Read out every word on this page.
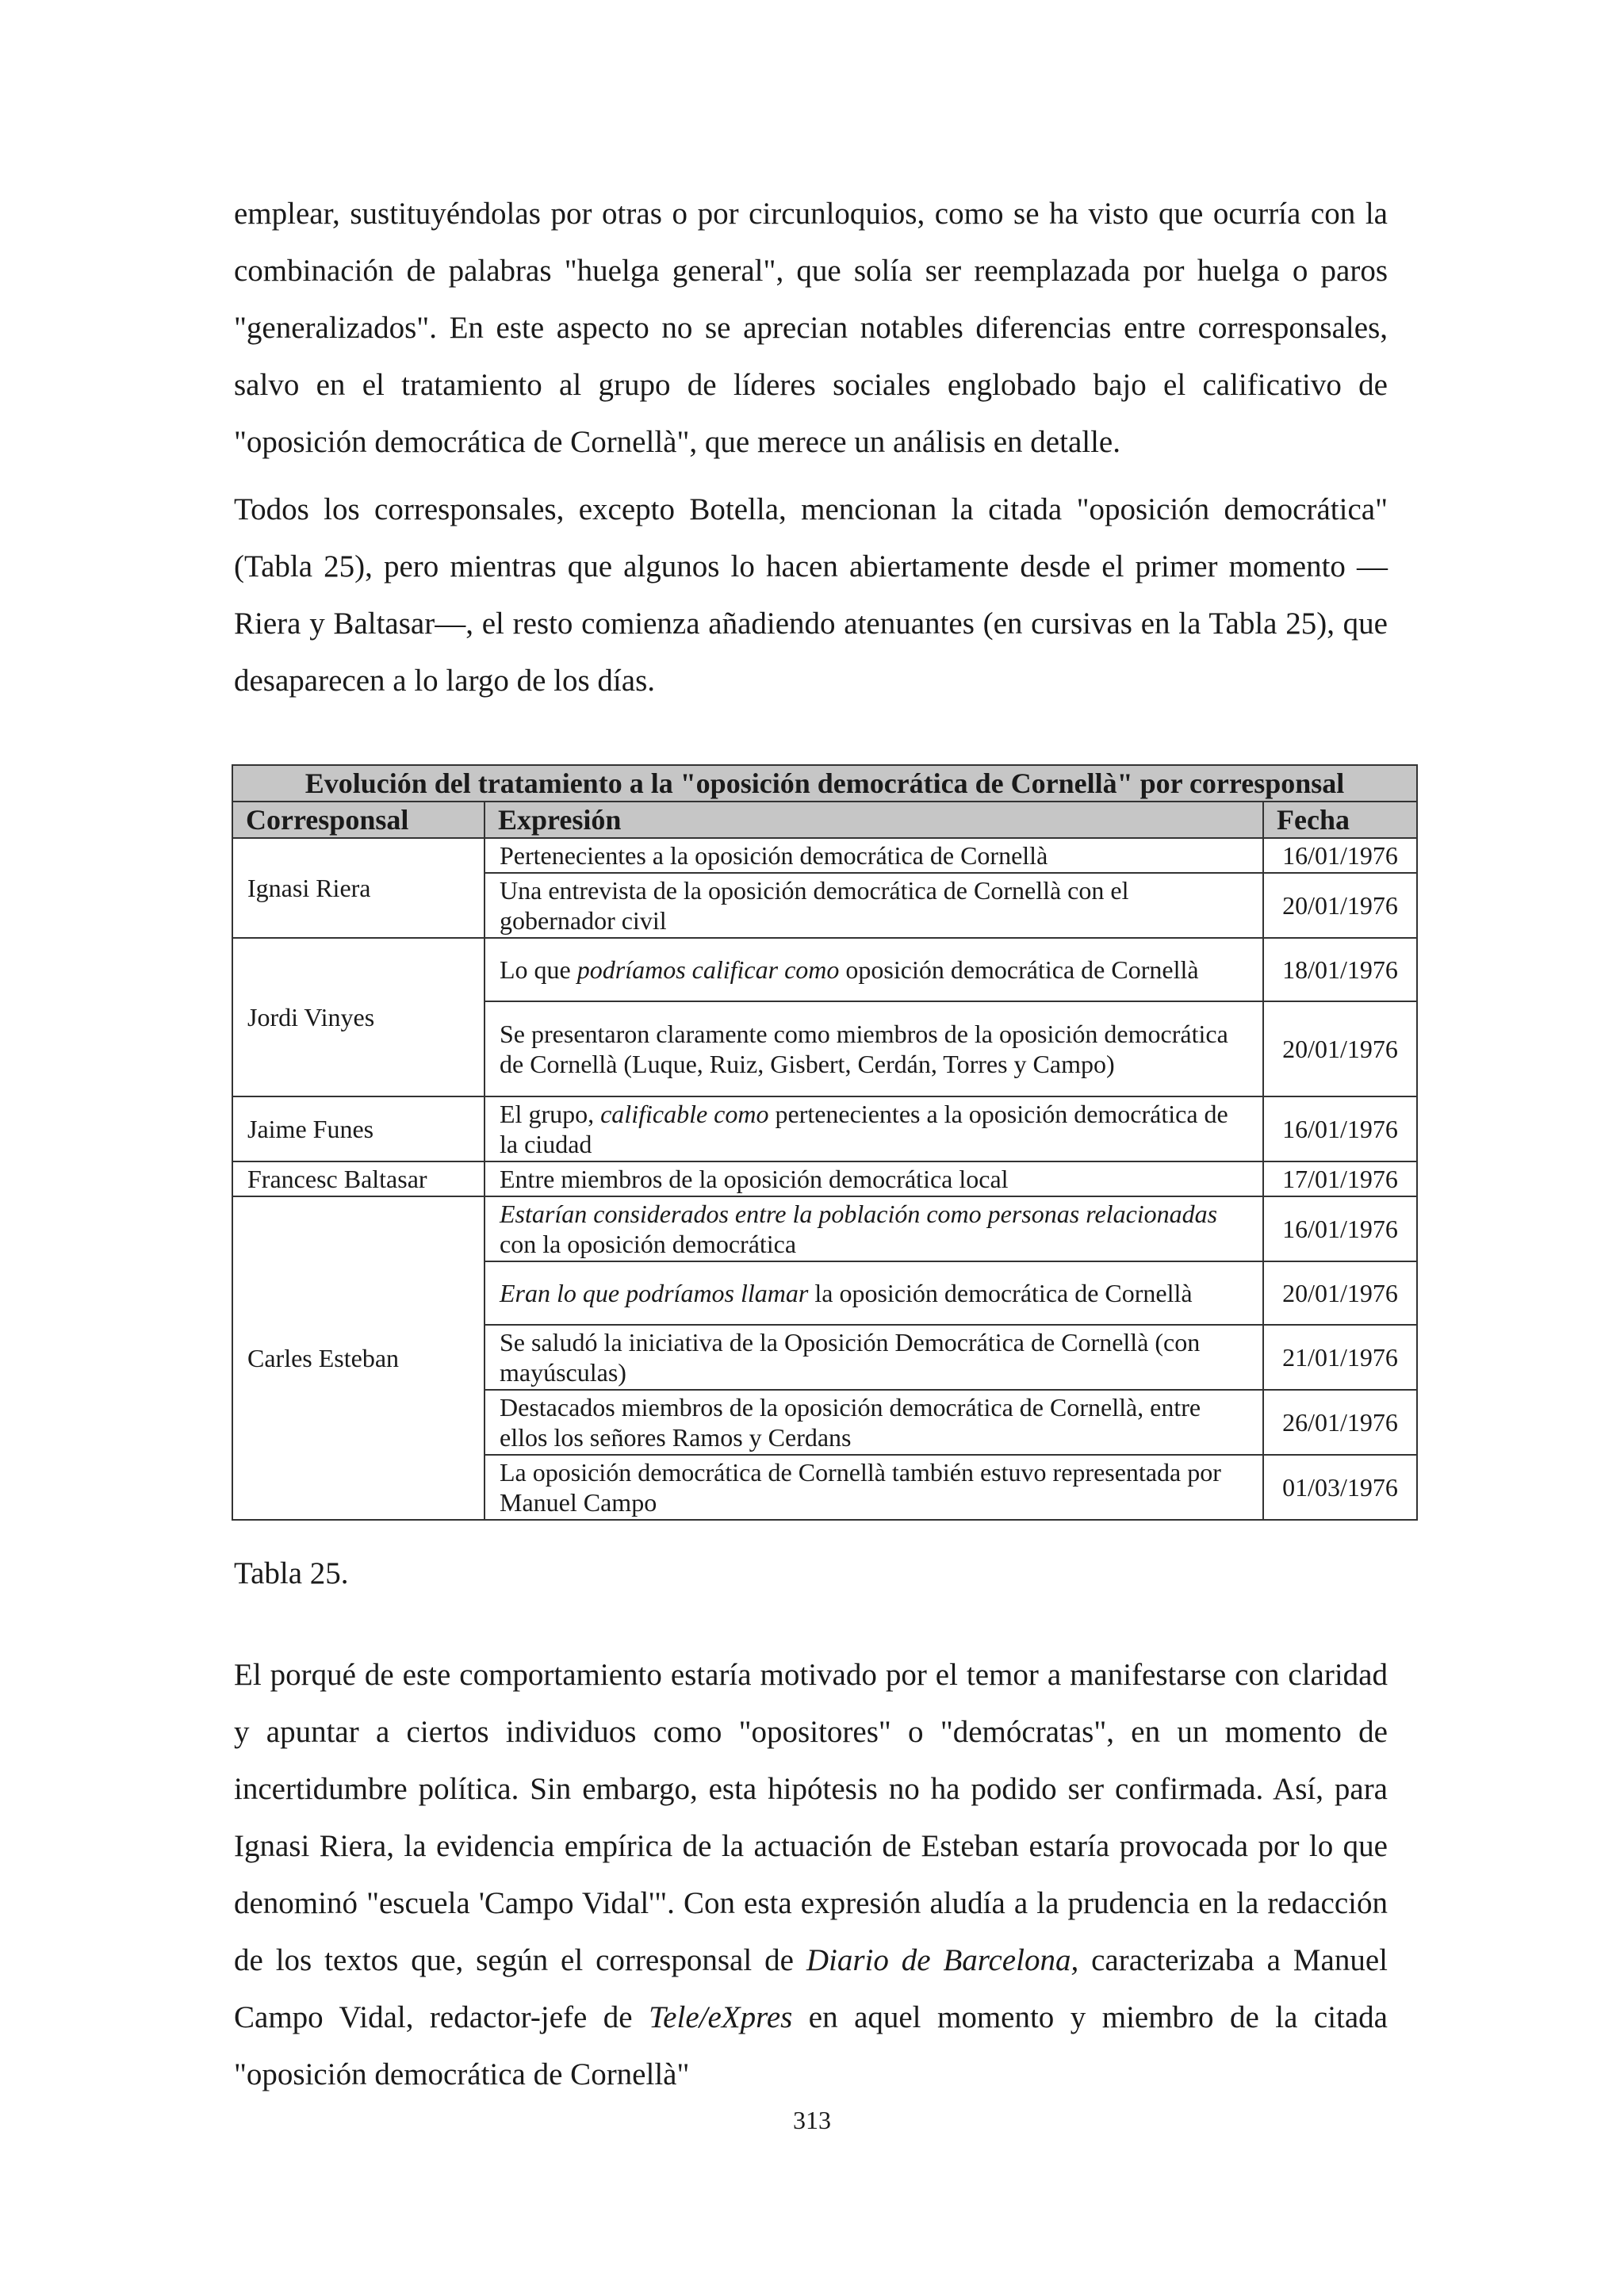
emplear, sustituyéndolas por otras o por circunloquios, como se ha visto que ocurría con la combinación de palabras "huelga general", que solía ser reemplazada por huelga o paros "generalizados". En este aspecto no se aprecian notables diferencias entre corresponsales, salvo en el tratamiento al grupo de líderes sociales englobado bajo el calificativo de "oposición democrática de Cornellà", que merece un análisis en detalle.

Todos los corresponsales, excepto Botella, mencionan la citada "oposición democrática" (Tabla 25), pero mientras que algunos lo hacen abiertamente desde el primer momento —Riera y Baltasar—, el resto comienza añadiendo atenuantes (en cursivas en la Tabla 25), que desaparecen a lo largo de los días.

Evolución del tratamiento a la "oposición democrática de Cornellà" por corresponsal		
Corresponsal	Expresión	Fecha
Ignasi Riera	Pertenecientes a la oposición democrática de Cornellà	16/01/1976
	Una entrevista de la oposición democrática de Cornellà con el gobernador civil	20/01/1976
Jordi Vinyes	Lo que podríamos calificar como oposición democrática de Cornellà	18/01/1976
	Se presentaron claramente como miembros de la oposición democrática de Cornellà (Luque, Ruiz, Gisbert, Cerdán, Torres y Campo)	20/01/1976
Jaime Funes	El grupo, calificable como pertenecientes a la oposición democrática de la ciudad	16/01/1976
Francesc Baltasar	Entre miembros de la oposición democrática local	17/01/1976
Carles Esteban	Estarían considerados entre la población como personas relacionadas con la oposición democrática	16/01/1976
	Eran lo que podríamos llamar la oposición democrática de Cornellà	20/01/1976
	Se saludó la iniciativa de la Oposición Democrática de Cornellà (con mayúsculas)	21/01/1976
	Destacados miembros de la oposición democrática de Cornellà, entre ellos los señores Ramos y Cerdans	26/01/1976
	La oposición democrática de Cornellà también estuvo representada por Manuel Campo	01/03/1976

Tabla 25.

El porqué de este comportamiento estaría motivado por el temor a manifestarse con claridad y apuntar a ciertos individuos como "opositores" o "demócratas", en un momento de incertidumbre política. Sin embargo, esta hipótesis no ha podido ser confirmada. Así, para Ignasi Riera, la evidencia empírica de la actuación de Esteban estaría provocada por lo que denominó "escuela 'Campo Vidal'". Con esta expresión aludía a la prudencia en la redacción de los textos que, según el corresponsal de Diario de Barcelona, caracterizaba a Manuel Campo Vidal, redactor-jefe de Tele/eXpres en aquel momento y miembro de la citada "oposición democrática de Cornellà"

313
